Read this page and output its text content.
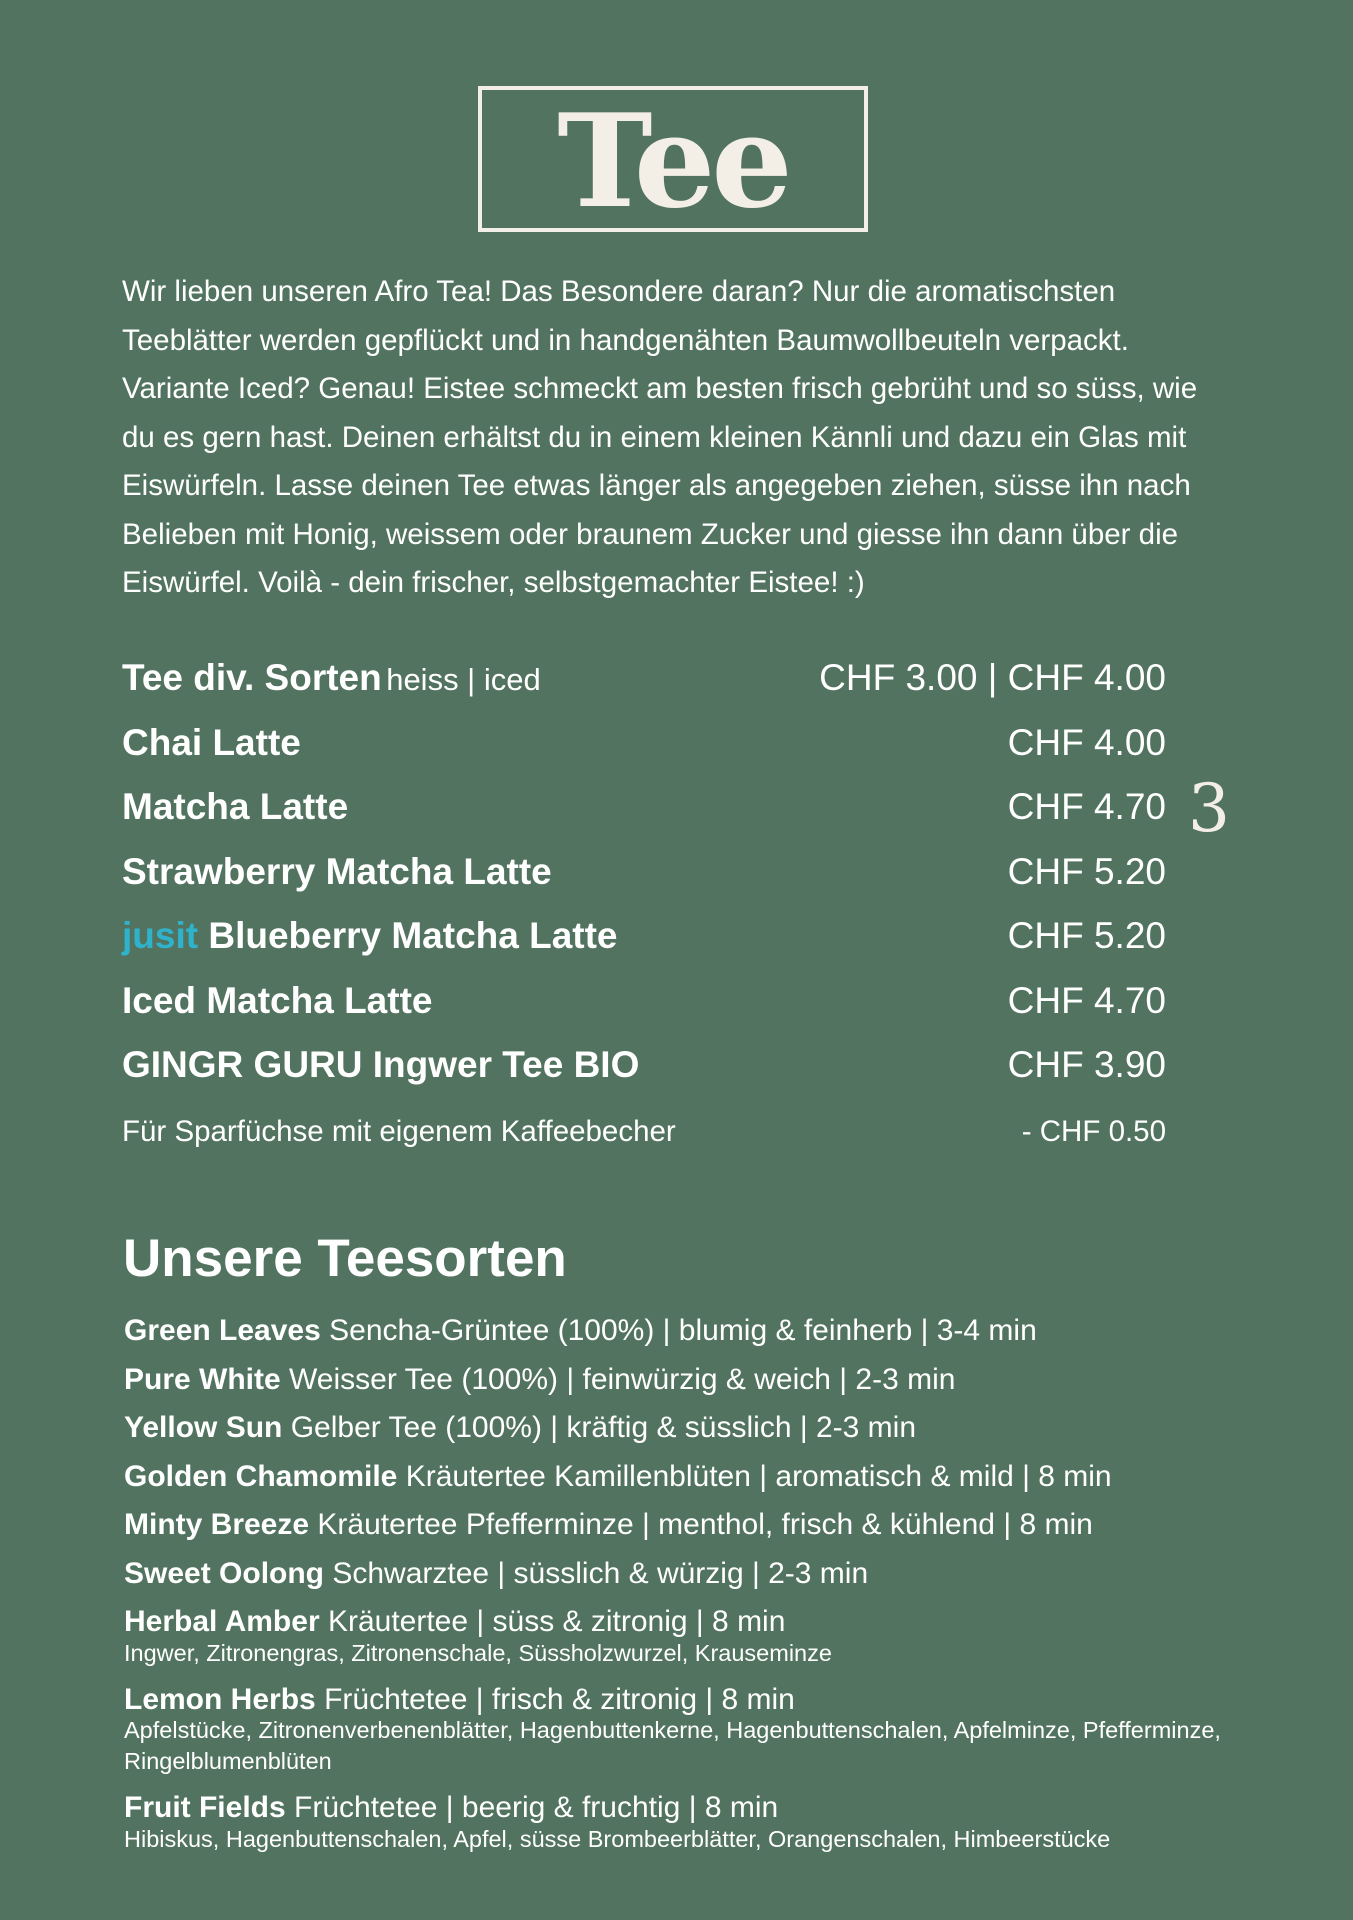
Tee

Wir lieben unseren Afro Tea! Das Besondere daran? Nur die aromatischsten Teeblätter werden gepflückt und in handgenähten Baumwollbeuteln verpackt. Variante Iced? Genau! Eistee schmeckt am besten frisch gebrüht und so süss, wie du es gern hast. Deinen erhältst du in einem kleinen Kännli und dazu ein Glas mit Eiswürfeln. Lasse deinen Tee etwas länger als angegeben ziehen, süsse ihn nach Belieben mit Honig, weissem oder braunem Zucker und giesse ihn dann über die Eiswürfel. Voilà - dein frischer, selbstgemachter Eistee! :)

Tee div. Sorten heiss | iced	CHF 3.00 | CHF 4.00
Chai Latte	CHF 4.00
Matcha Latte	CHF 4.70
Strawberry Matcha Latte	CHF 5.20
jusit Blueberry Matcha Latte	CHF 5.20
Iced Matcha Latte	CHF 4.70
GINGR GURU Ingwer Tee BIO	CHF 3.90
Für Sparfüchse mit eigenem Kaffeebecher	- CHF 0.50
3
Unsere Teesorten
Green Leaves Sencha-Grüntee (100%) | blumig & feinherb | 3-4 min
Pure White Weisser Tee (100%) | feinwürzig & weich | 2-3 min
Yellow Sun Gelber Tee (100%) | kräftig & süsslich | 2-3 min
Golden Chamomile Kräutertee Kamillenblüten | aromatisch & mild | 8 min
Minty Breeze Kräutertee Pfefferminze | menthol, frisch & kühlend | 8 min
Sweet Oolong Schwarztee | süsslich & würzig | 2-3 min
Herbal Amber Kräutertee | süss & zitronig | 8 min
Ingwer, Zitronengras, Zitronenschale, Süssholzwurzel, Krauseminze
Lemon Herbs Früchtetee | frisch & zitronig | 8 min
Apfelstücke, Zitronenverbenenblätter, Hagenbuttenkerne, Hagenbuttenschalen, Apfelminze, Pfefferminze, Ringelblumenblüten
Fruit Fields Früchtetee | beerig & fruchtig | 8 min
Hibiskus, Hagenbuttenschalen, Apfel, süsse Brombeerblätter, Orangenschalen, Himbeerstücke
